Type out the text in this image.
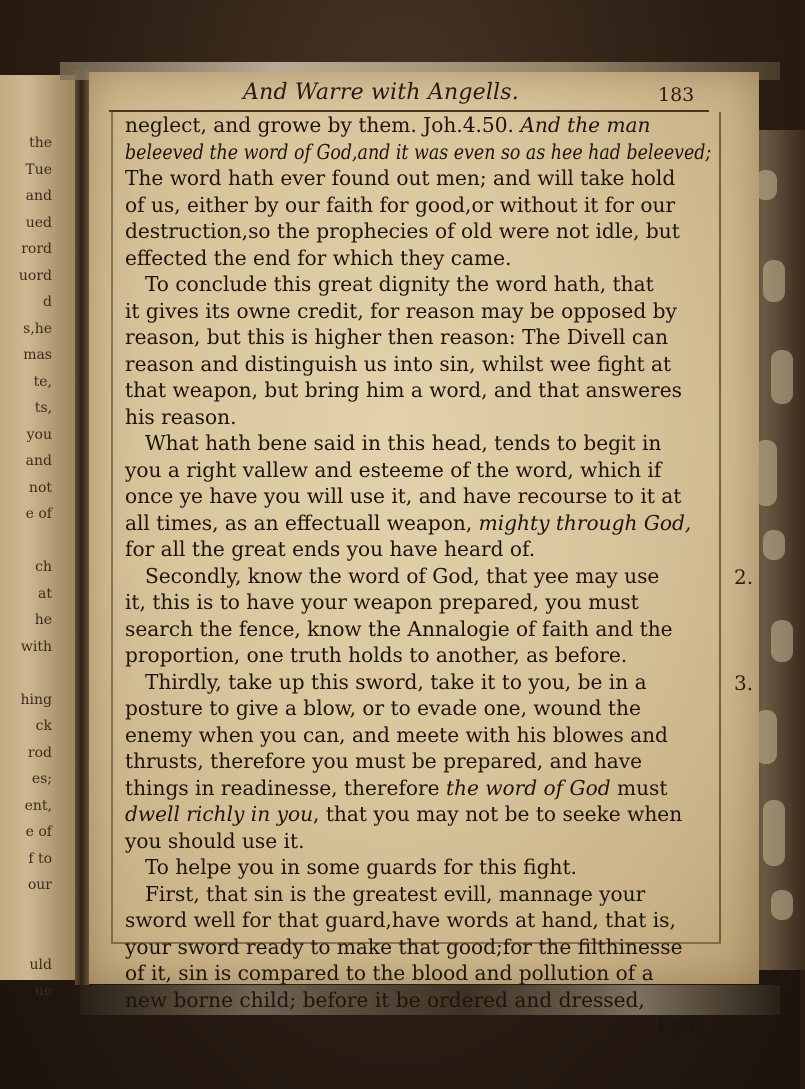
the
Tue
and
ued
rord
uord
d
s,he
mas
te,
ts,
you
and
not
e of
ch
at
he
with
hing
ck
rod
es;
ent,
e of
f to
our
uld
ue
And Warre with Angells.	183
neglect, and growe by them. Joh.4.50. And the man
beleeved the word of God,and it was even so as hee had beleeved;
The word hath ever found out men; and will take hold
of us, either by our faith for good,or without it for our
destruction,so the prophecies of old were not idle, but
effected the end for which they came.
To conclude this great dignity the word hath, that
it gives its owne credit, for reason may be opposed by
reason, but this is higher then reason: The Divell can
reason and distinguish us into sin, whilst wee fight at
that weapon, but bring him a word, and that answeres
his reason.
What hath bene said in this head, tends to begit in
you a right vallew and esteeme of the word, which if
once ye have you will use it, and have recourse to it at
all times, as an effectuall weapon, mighty through God,
for all the great ends you have heard of.
Secondly, know the word of God, that yee may use
it, this is to have your weapon prepared, you must
search the fence, know the Annalogie of faith and the
proportion, one truth holds to another, as before.
Thirdly, take up this sword, take it to you, be in a
posture to give a blow, or to evade one, wound the
enemy when you can, and meete with his blowes and
thrusts, therefore you must be prepared, and have
things in readinesse, therefore the word of God must
dwell richly in you, that you may not be to seeke when
you should use it.
To helpe you in some guards for this fight.
First, that sin is the greatest evill, mannage your
sword well for that guard,have words at hand, that is,
your sword ready to make that good;for the filthinesse
of it, sin is compared to the blood and pollution of a
new borne child; before it be ordered and dressed,
Ezek.
2.
3.
